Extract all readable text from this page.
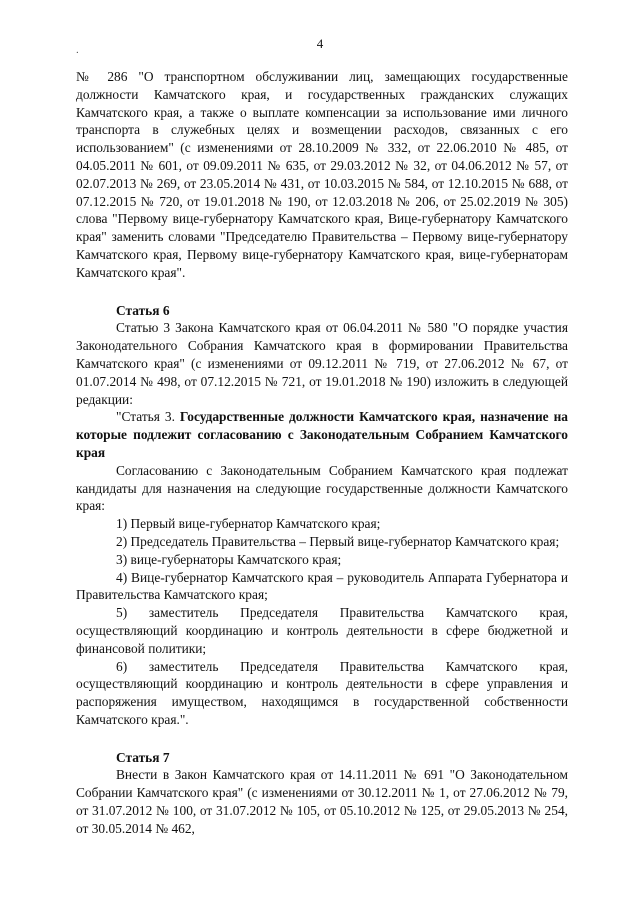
4
.

№ 286 "О транспортном обслуживании лиц, замещающих государственные должности Камчатского края, и государственных гражданских служащих Камчатского края, а также о выплате компенсации за использование ими личного транспорта в служебных целях и возмещении расходов, связанных с его использованием" (с изменениями от 28.10.2009 № 332, от 22.06.2010 № 485, от 04.05.2011 № 601, от 09.09.2011 № 635, от 29.03.2012 № 32, от 04.06.2012 № 57, от 02.07.2013 № 269, от 23.05.2014 № 431, от 10.03.2015 № 584, от 12.10.2015 № 688, от 07.12.2015 № 720, от 19.01.2018 № 190, от 12.03.2018 № 206, от 25.02.2019 № 305) слова "Первому вице-губернатору Камчатского края, Вице-губернатору Камчатского края" заменить словами "Председателю Правительства – Первому вице-губернатору Камчатского края, Первому вице-губернатору Камчатского края, вице-губернаторам Камчатского края".

Статья 6

Статью 3 Закона Камчатского края от 06.04.2011 № 580 "О порядке участия Законодательного Собрания Камчатского края в формировании Правительства Камчатского края" (с изменениями от 09.12.2011 № 719, от 27.06.2012 № 67, от 01.07.2014 № 498, от 07.12.2015 № 721, от 19.01.2018 № 190) изложить в следующей редакции:

"Статья 3. Государственные должности Камчатского края, назначение на которые подлежит согласованию с Законодательным Собранием Камчатского края

Согласованию с Законодательным Собранием Камчатского края подлежат кандидаты для назначения на следующие государственные должности Камчатского края:

1) Первый вице-губернатор Камчатского края;

2) Председатель Правительства – Первый вице-губернатор Камчатского края;

3) вице-губернаторы Камчатского края;

4) Вице-губернатор Камчатского края – руководитель Аппарата Губернатора и Правительства Камчатского края;

5) заместитель Председателя Правительства Камчатского края, осуществляющий координацию и контроль деятельности в сфере бюджетной и финансовой политики;

6) заместитель Председателя Правительства Камчатского края, осуществляющий координацию и контроль деятельности в сфере управления и распоряжения имуществом, находящимся в государственной собственности Камчатского края.".

Статья 7

Внести в Закон Камчатского края от 14.11.2011 № 691 "О Законодательном Собрании Камчатского края" (с изменениями от 30.12.2011 № 1, от 27.06.2012 № 79, от 31.07.2012 № 100, от 31.07.2012 № 105, от 05.10.2012 № 125, от 29.05.2013 № 254, от 30.05.2014 № 462,
